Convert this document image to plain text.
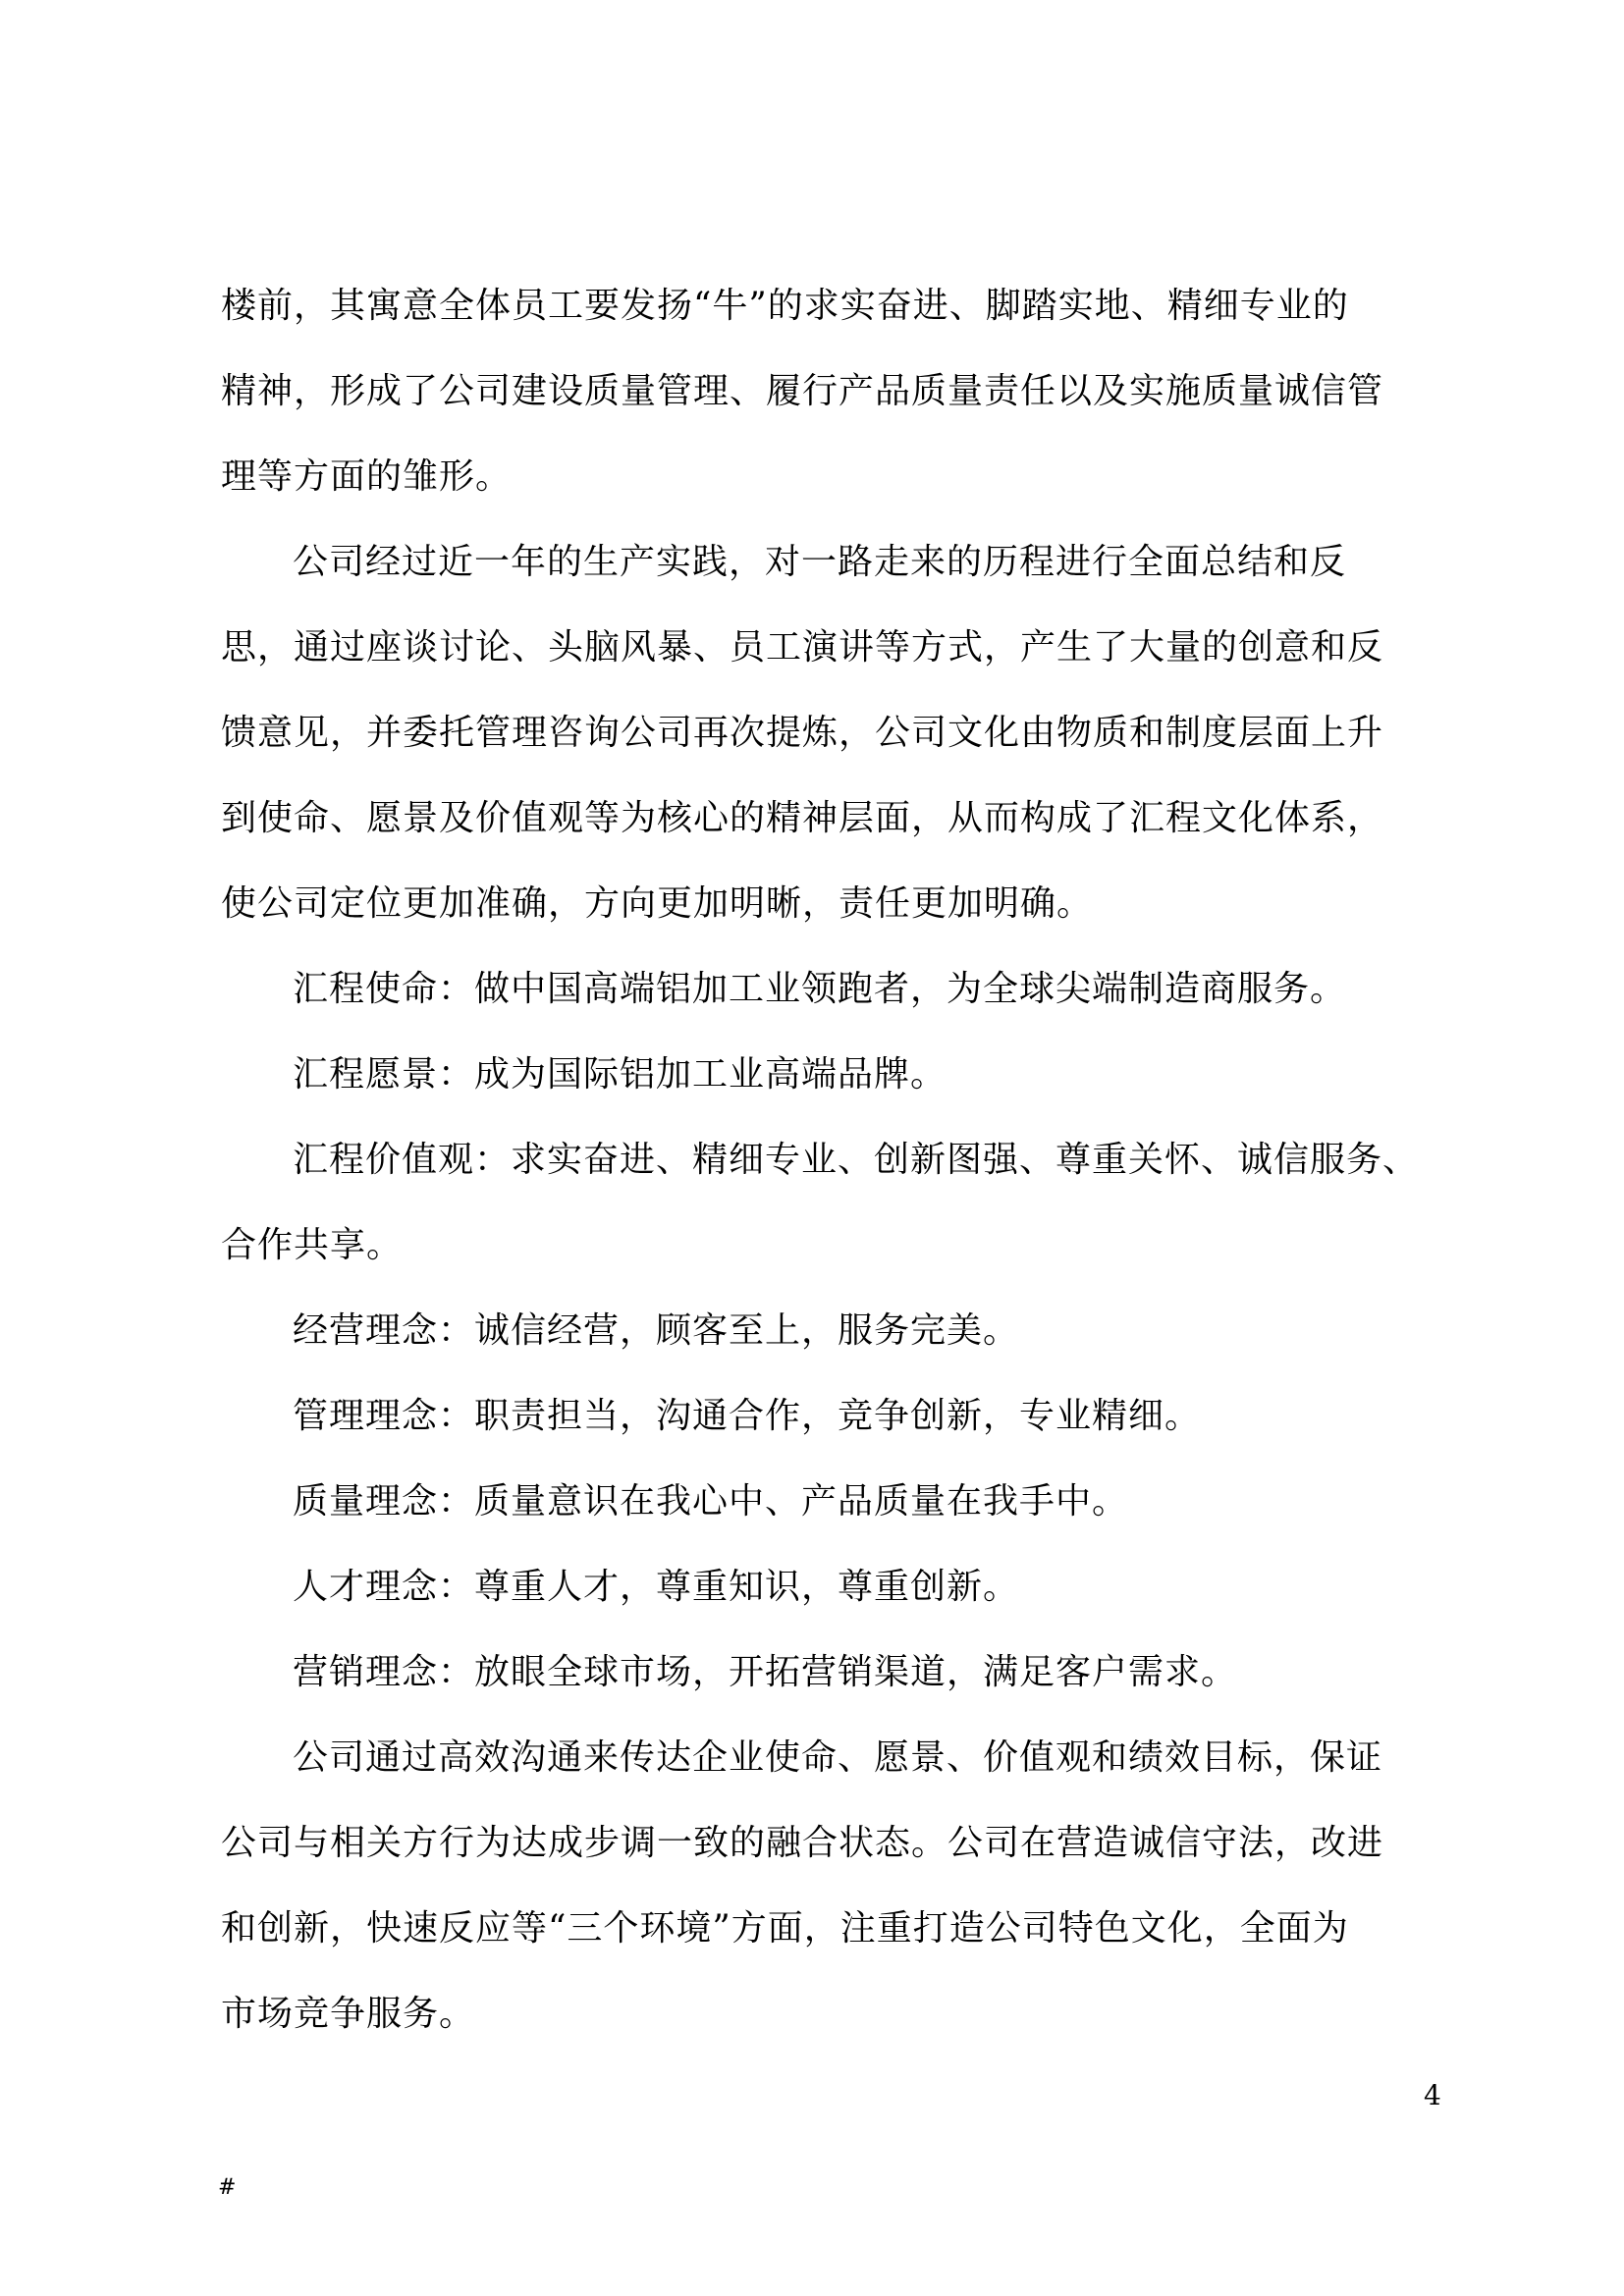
楼前，其寓意全体员工要发扬“牛”的求实奋进、脚踏实地、精细专业的
精神，形成了公司建设质量管理、履行产品质量责任以及实施质量诚信管
理等方面的雏形。
公司经过近一年的生产实践，对一路走来的历程进行全面总结和反
思，通过座谈讨论、头脑风暴、员工演讲等方式，产生了大量的创意和反
馈意见，并委托管理咨询公司再次提炼，公司文化由物质和制度层面上升
到使命、愿景及价值观等为核心的精神层面，从而构成了汇程文化体系，
使公司定位更加准确，方向更加明晰，责任更加明确。
汇程使命：做中国高端铝加工业领跑者，为全球尖端制造商服务。
汇程愿景：成为国际铝加工业高端品牌。
汇程价值观：求实奋进、精细专业、创新图强、尊重关怀、诚信服务、
合作共享。
经营理念：诚信经营，顾客至上，服务完美。
管理理念：职责担当，沟通合作，竞争创新，专业精细。
质量理念：质量意识在我心中、产品质量在我手中。
人才理念：尊重人才，尊重知识，尊重创新。
营销理念：放眼全球市场，开拓营销渠道，满足客户需求。
公司通过高效沟通来传达企业使命、愿景、价值观和绩效目标，保证
公司与相关方行为达成步调一致的融合状态。公司在营造诚信守法，改进
和创新，快速反应等“三个环境”方面，注重打造公司特色文化，全面为
市场竞争服务。
4
#
